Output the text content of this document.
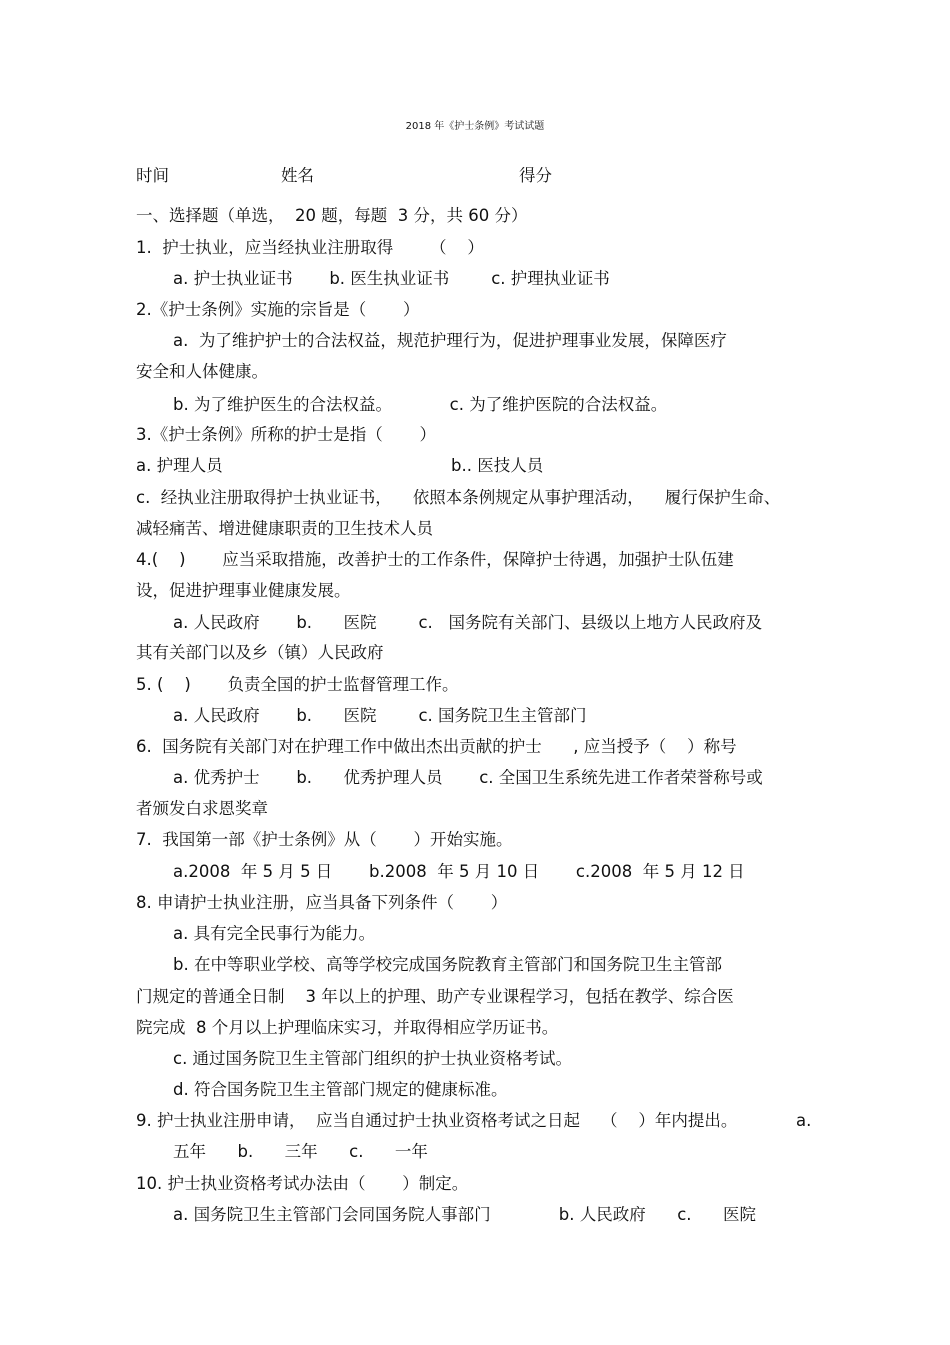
2018 年《护士条例》考试试题
时间	姓名	得分
一、选择题（单选，  20 题，每题  3 分，共 60 分）
1.  护士执业，应当经执业注册取得       （    ）
a. 护士执业证书       b. 医生执业证书        c. 护理执业证书
2.《护士条例》实施的宗旨是（       ）
a.  为了维护护士的合法权益，规范护理行为，促进护理事业发展，保障医疗
安全和人体健康。
b. 为了维护医生的合法权益。           c. 为了维护医院的合法权益。
3.《护士条例》所称的护士是指（       ）
a. 护理人员	b.. 医技人员
c.  经执业注册取得护士执业证书，    依照本条例规定从事护理活动，    履行保护生命、
减轻痛苦、增进健康职责的卫生技术人员
4.(    )       应当采取措施，改善护士的工作条件，保障护士待遇，加强护士队伍建
设，促进护理事业健康发展。
a. 人民政府       b.      医院        c.   国务院有关部门、县级以上地方人民政府及
其有关部门以及乡（镇）人民政府
5. (    )       负责全国的护士监督管理工作。
a. 人民政府       b.      医院        c. 国务院卫生主管部门
6.  国务院有关部门对在护理工作中做出杰出贡献的护士      , 应当授予（    ）称号
a. 优秀护士       b.      优秀护理人员       c. 全国卫生系统先进工作者荣誉称号或
者颁发白求恩奖章
7.  我国第一部《护士条例》从（       ）开始实施。
a.2008  年 5 月 5 日       b.2008  年 5 月 10 日       c.2008  年 5 月 12 日
8. 申请护士执业注册，应当具备下列条件（       ）
a. 具有完全民事行为能力。
b. 在中等职业学校、高等学校完成国务院教育主管部门和国务院卫生主管部
门规定的普通全日制    3 年以上的护理、助产专业课程学习，包括在教学、综合医
院完成  8 个月以上护理临床实习，并取得相应学历证书。
c. 通过国务院卫生主管部门组织的护士执业资格考试。
d. 符合国务院卫生主管部门规定的健康标准。
9. 护士执业注册申请，  应当自通过护士执业资格考试之日起    （    ）年内提出。	a.
五年      b.      三年      c.      一年
10. 护士执业资格考试办法由（       ）制定。
a. 国务院卫生主管部门会同国务院人事部门             b. 人民政府      c.      医院
